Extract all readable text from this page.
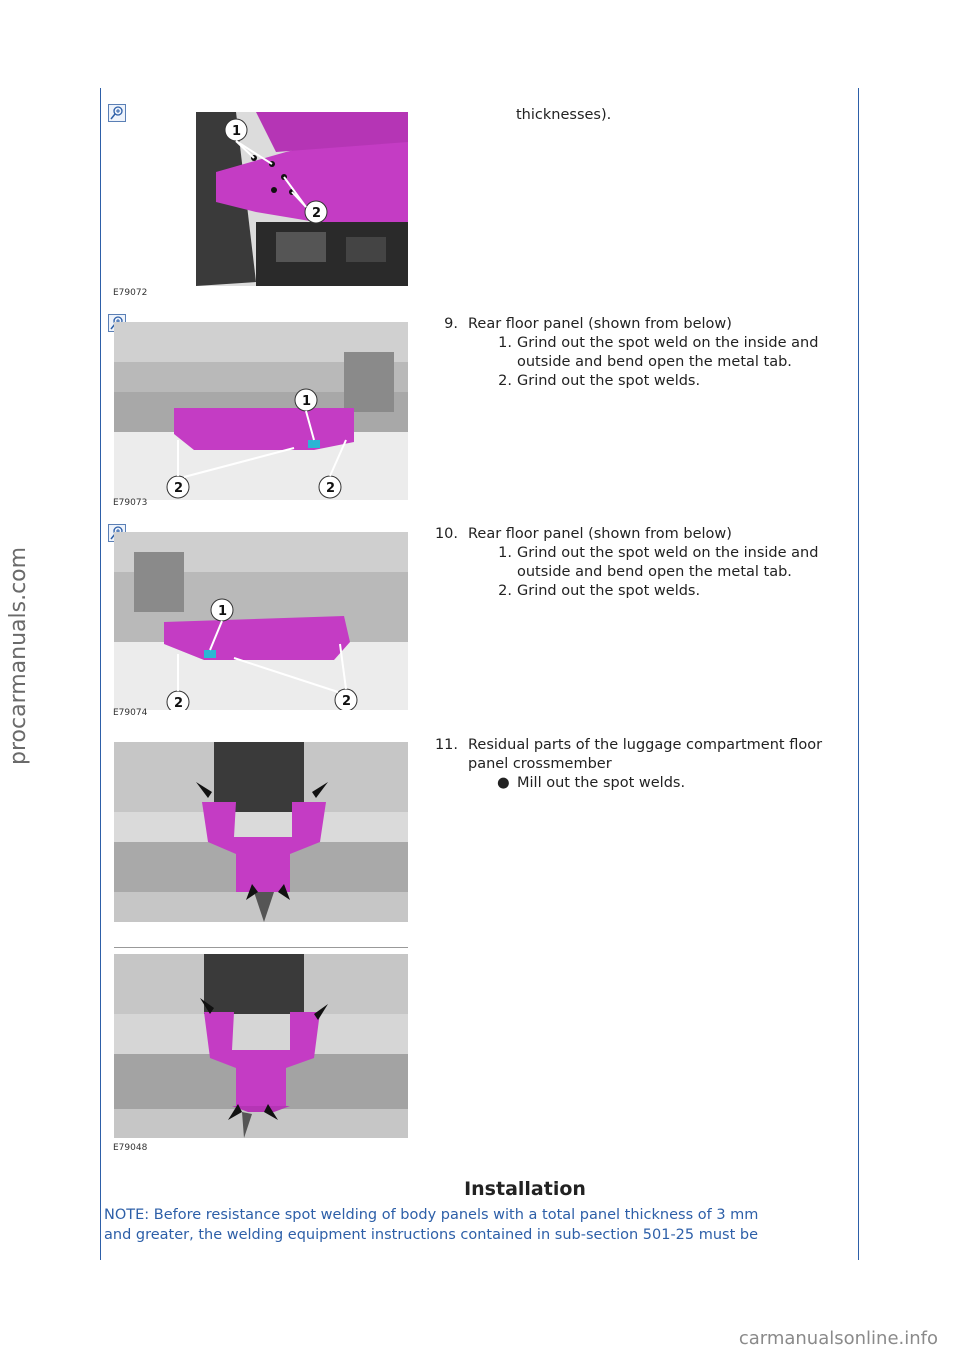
procarmanuals.com
carmanualsonline.info
1
2
E79072
thicknesses).
1
2	2
E79073
9. Rear floor panel (shown from below)
1. Grind out the spot weld on the inside and
outside and bend open the metal tab.
2. Grind out the spot welds.
1
2	2
E79074
10. Rear floor panel (shown from below)
1. Grind out the spot weld on the inside and
outside and bend open the metal tab.
2. Grind out the spot welds.
11. Residual parts of the luggage compartment floor
panel crossmember
● Mill out the spot welds.
E79048
Installation
NOTE: Before resistance spot welding of body panels with a total panel thickness of 3 mm
and greater, the welding equipment instructions contained in sub-section 501-25 must be
